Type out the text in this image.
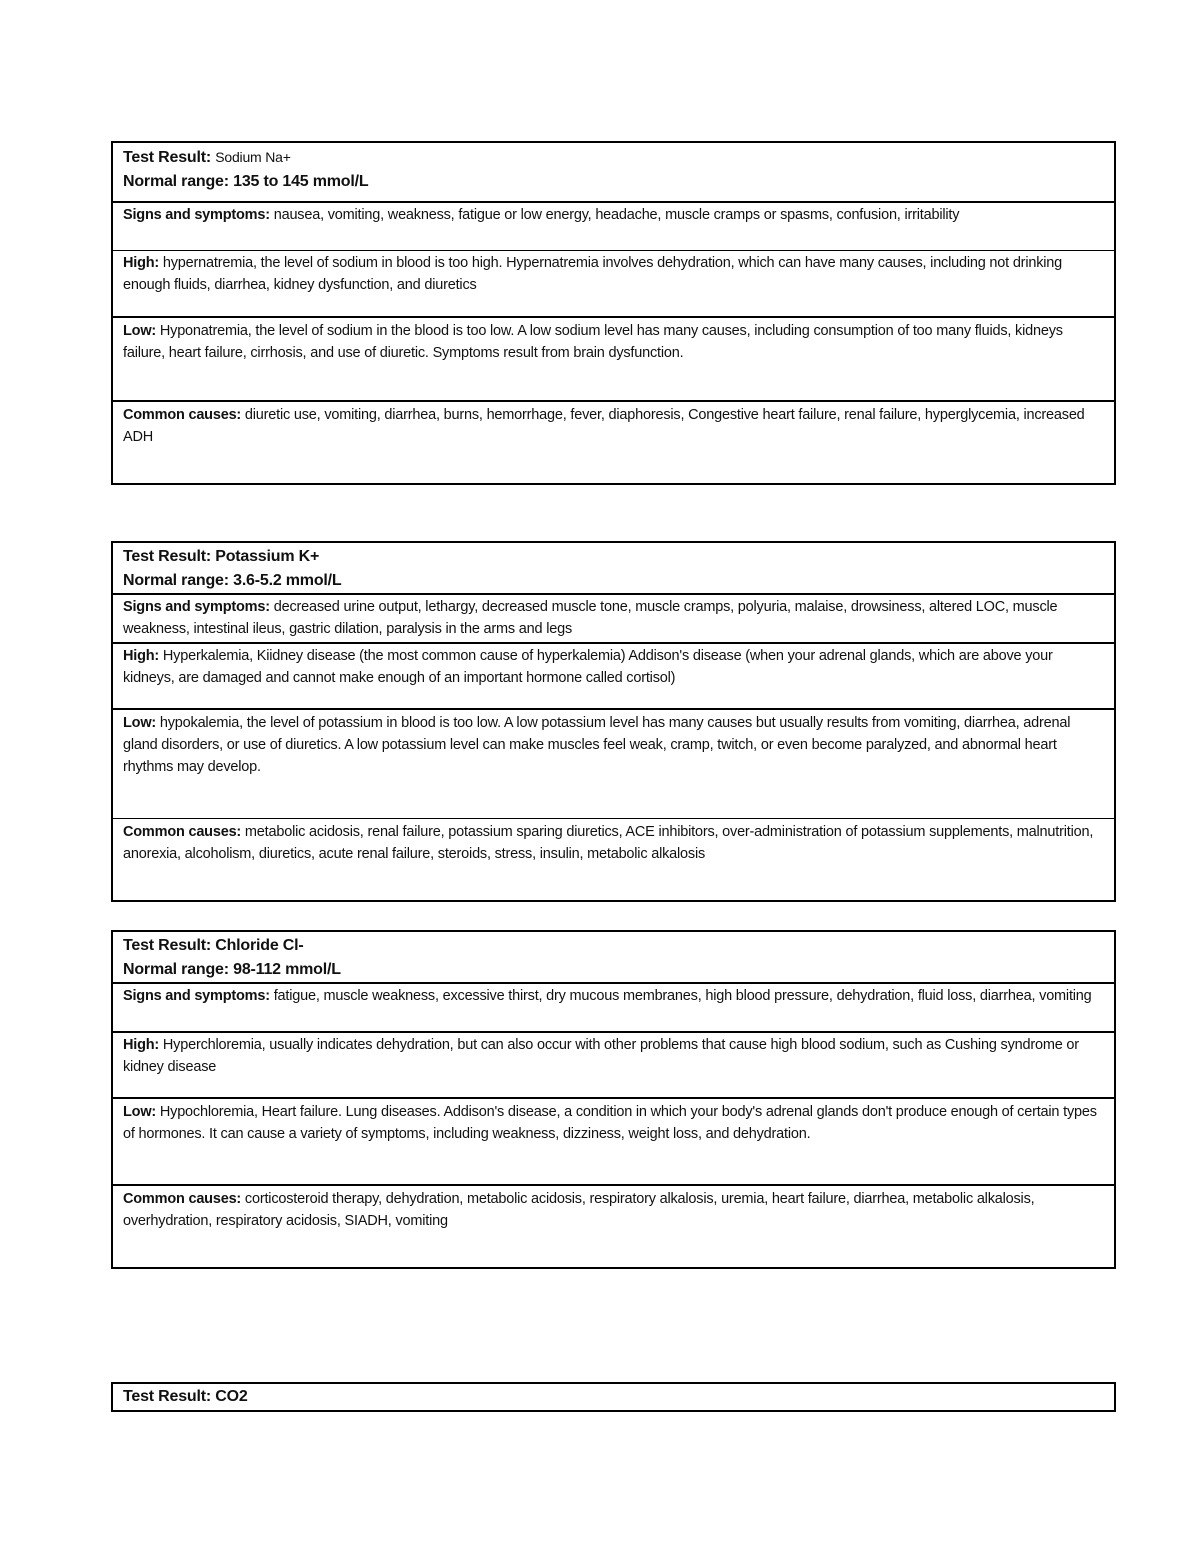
Test Result: Sodium Na+
Normal range: 135 to 145 mmol/L
Signs and symptoms: nausea, vomiting, weakness, fatigue or low energy, headache, muscle cramps or spasms, confusion, irritability
High: hypernatremia, the level of sodium in blood is too high. Hypernatremia involves dehydration, which can have many causes, including not drinking enough fluids, diarrhea, kidney dysfunction, and diuretics
Low: Hyponatremia, the level of sodium in the blood is too low. A low sodium level has many causes, including consumption of too many fluids, kidneys failure, heart failure, cirrhosis, and use of diuretic. Symptoms result from brain dysfunction.
Common causes: diuretic use, vomiting, diarrhea, burns, hemorrhage, fever, diaphoresis, Congestive heart failure, renal failure, hyperglycemia, increased ADH
Test Result: Potassium K+
Normal range: 3.6-5.2 mmol/L
Signs and symptoms: decreased urine output, lethargy, decreased muscle tone, muscle cramps, polyuria, malaise, drowsiness, altered LOC, muscle weakness, intestinal ileus, gastric dilation, paralysis in the arms and legs
High: Hyperkalemia, Kiidney disease (the most common cause of hyperkalemia) Addison's disease (when your adrenal glands, which are above your kidneys, are damaged and cannot make enough of an important hormone called cortisol)
Low: hypokalemia, the level of potassium in blood is too low. A low potassium level has many causes but usually results from vomiting, diarrhea, adrenal gland disorders, or use of diuretics. A low potassium level can make muscles feel weak, cramp, twitch, or even become paralyzed, and abnormal heart rhythms may develop.
Common causes: metabolic acidosis, renal failure, potassium sparing diuretics, ACE inhibitors, over-administration of potassium supplements, malnutrition, anorexia, alcoholism, diuretics, acute renal failure, steroids, stress, insulin, metabolic alkalosis
Test Result: Chloride Cl-
Normal range: 98-112 mmol/L
Signs and symptoms: fatigue, muscle weakness, excessive thirst, dry mucous membranes, high blood pressure, dehydration, fluid loss, diarrhea, vomiting
High: Hyperchloremia, usually indicates dehydration, but can also occur with other problems that cause high blood sodium, such as Cushing syndrome or kidney disease
Low: Hypochloremia, Heart failure. Lung diseases. Addison's disease, a condition in which your body's adrenal glands don't produce enough of certain types of hormones. It can cause a variety of symptoms, including weakness, dizziness, weight loss, and dehydration.
Common causes: corticosteroid therapy, dehydration, metabolic acidosis, respiratory alkalosis, uremia, heart failure, diarrhea, metabolic alkalosis, overhydration, respiratory acidosis, SIADH, vomiting
Test Result: CO2
